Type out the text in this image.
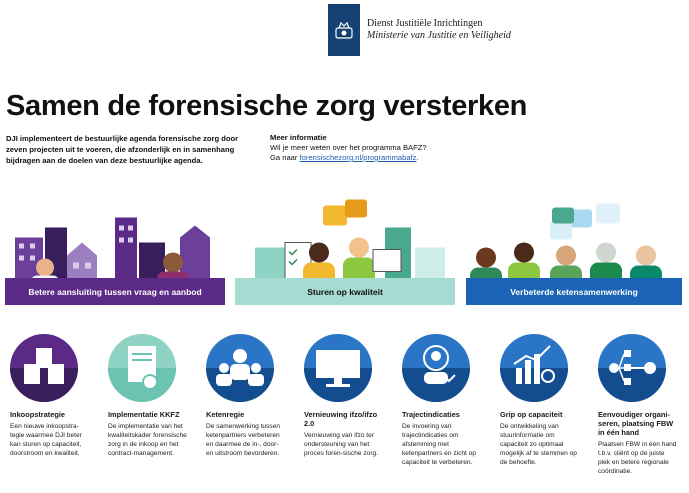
Dienst Justitiële Inrichtingen
Ministerie van Justitie en Veiligheid
Samen de forensische zorg versterken
DJI implementeert de bestuurlijke agenda forensische zorg door zeven projecten uit te voeren, die afzonderlijk en in samenhang bijdragen aan de doelen van deze bestuurlijke agenda.
Meer informatie
Wil je meer weten over het programma BAFZ?
Ga naar forensischezorg.nl/programmabafz.
Betere aansluiting tussen vraag en aanbod	Sturen op kwaliteit	Verbeterde ketensamenwerking
Inkoopstrategie
Een nieuwe inkoopstra-tegie waarmee DJI beter kan sturen op capaciteit, doorstroom en kwaliteit.
Implementatie KKFZ
De implementatie van het kwaliteitskader forensische zorg in de inkoop en het contract-management.
Ketenregie
De samenwerking tussen ketenpartners verbeteren en daarmee de in-, door- en uitstroom bevorderen.
Vernieuwing ifzo/ifzo 2.0
Vernieuwing van ifzo ter ondersteuning van het proces foren-sische zorg.
Trajectindicaties
De invoering van trajectindicaties om afstemming met ketenpartners en zicht op capaciteit te verbeteren.
Grip op capaciteit
De ontwikkeling van stuurinformatie om capaciteit zo optimaal mogelijk af te stemmen op de behoefte.
Eenvoudiger organi-seren, plaatsing FBW in één hand
Plaatsen FBW in één hand t.b.v. cliënt op de juiste plek en betere regionale coördinatie.
